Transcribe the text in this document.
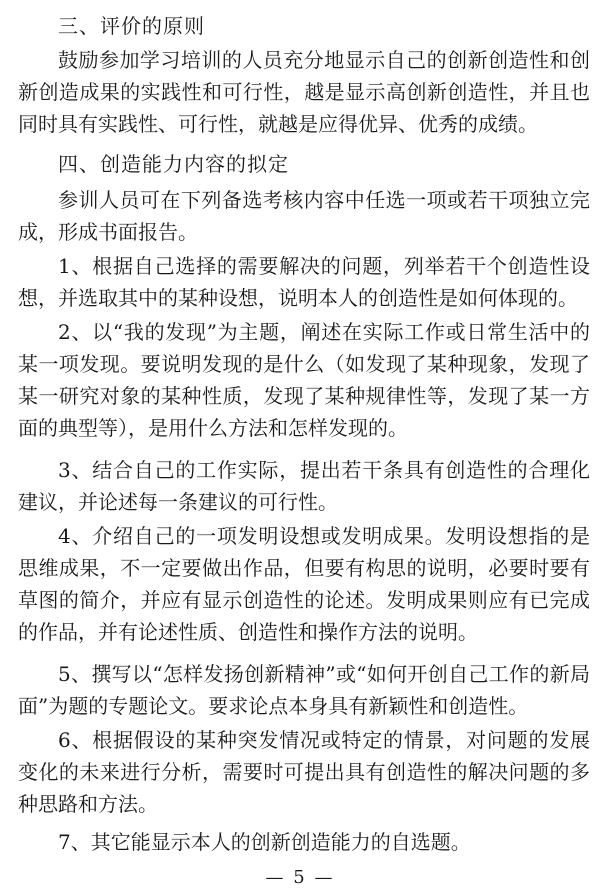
三、评价的原则
鼓励参加学习培训的人员充分地显示自己的创新创造性和创新创造成果的实践性和可行性，越是显示高创新创造性，并且也同时具有实践性、可行性，就越是应得优异、优秀的成绩。
四、创造能力内容的拟定
参训人员可在下列备选考核内容中任选一项或若干项独立完成，形成书面报告。
1、根据自己选择的需要解决的问题，列举若干个创造性设想，并选取其中的某种设想，说明本人的创造性是如何体现的。
2、以“我的发现”为主题，阐述在实际工作或日常生活中的某一项发现。要说明发现的是什么（如发现了某种现象，发现了某一研究对象的某种性质，发现了某种规律性等，发现了某一方面的典型等），是用什么方法和怎样发现的。
3、结合自己的工作实际，提出若干条具有创造性的合理化建议，并论述每一条建议的可行性。
4、介绍自己的一项发明设想或发明成果。发明设想指的是思维成果，不一定要做出作品，但要有构思的说明，必要时要有草图的简介，并应有显示创造性的论述。发明成果则应有已完成的作品，并有论述性质、创造性和操作方法的说明。
5、撰写以“怎样发扬创新精神”或“如何开创自己工作的新局面”为题的专题论文。要求论点本身具有新颖性和创造性。
6、根据假设的某种突发情况或特定的情景，对问题的发展变化的未来进行分析，需要时可提出具有创造性的解决问题的多种思路和方法。
7、其它能显示本人的创新创造能力的自选题。
— 5 —
